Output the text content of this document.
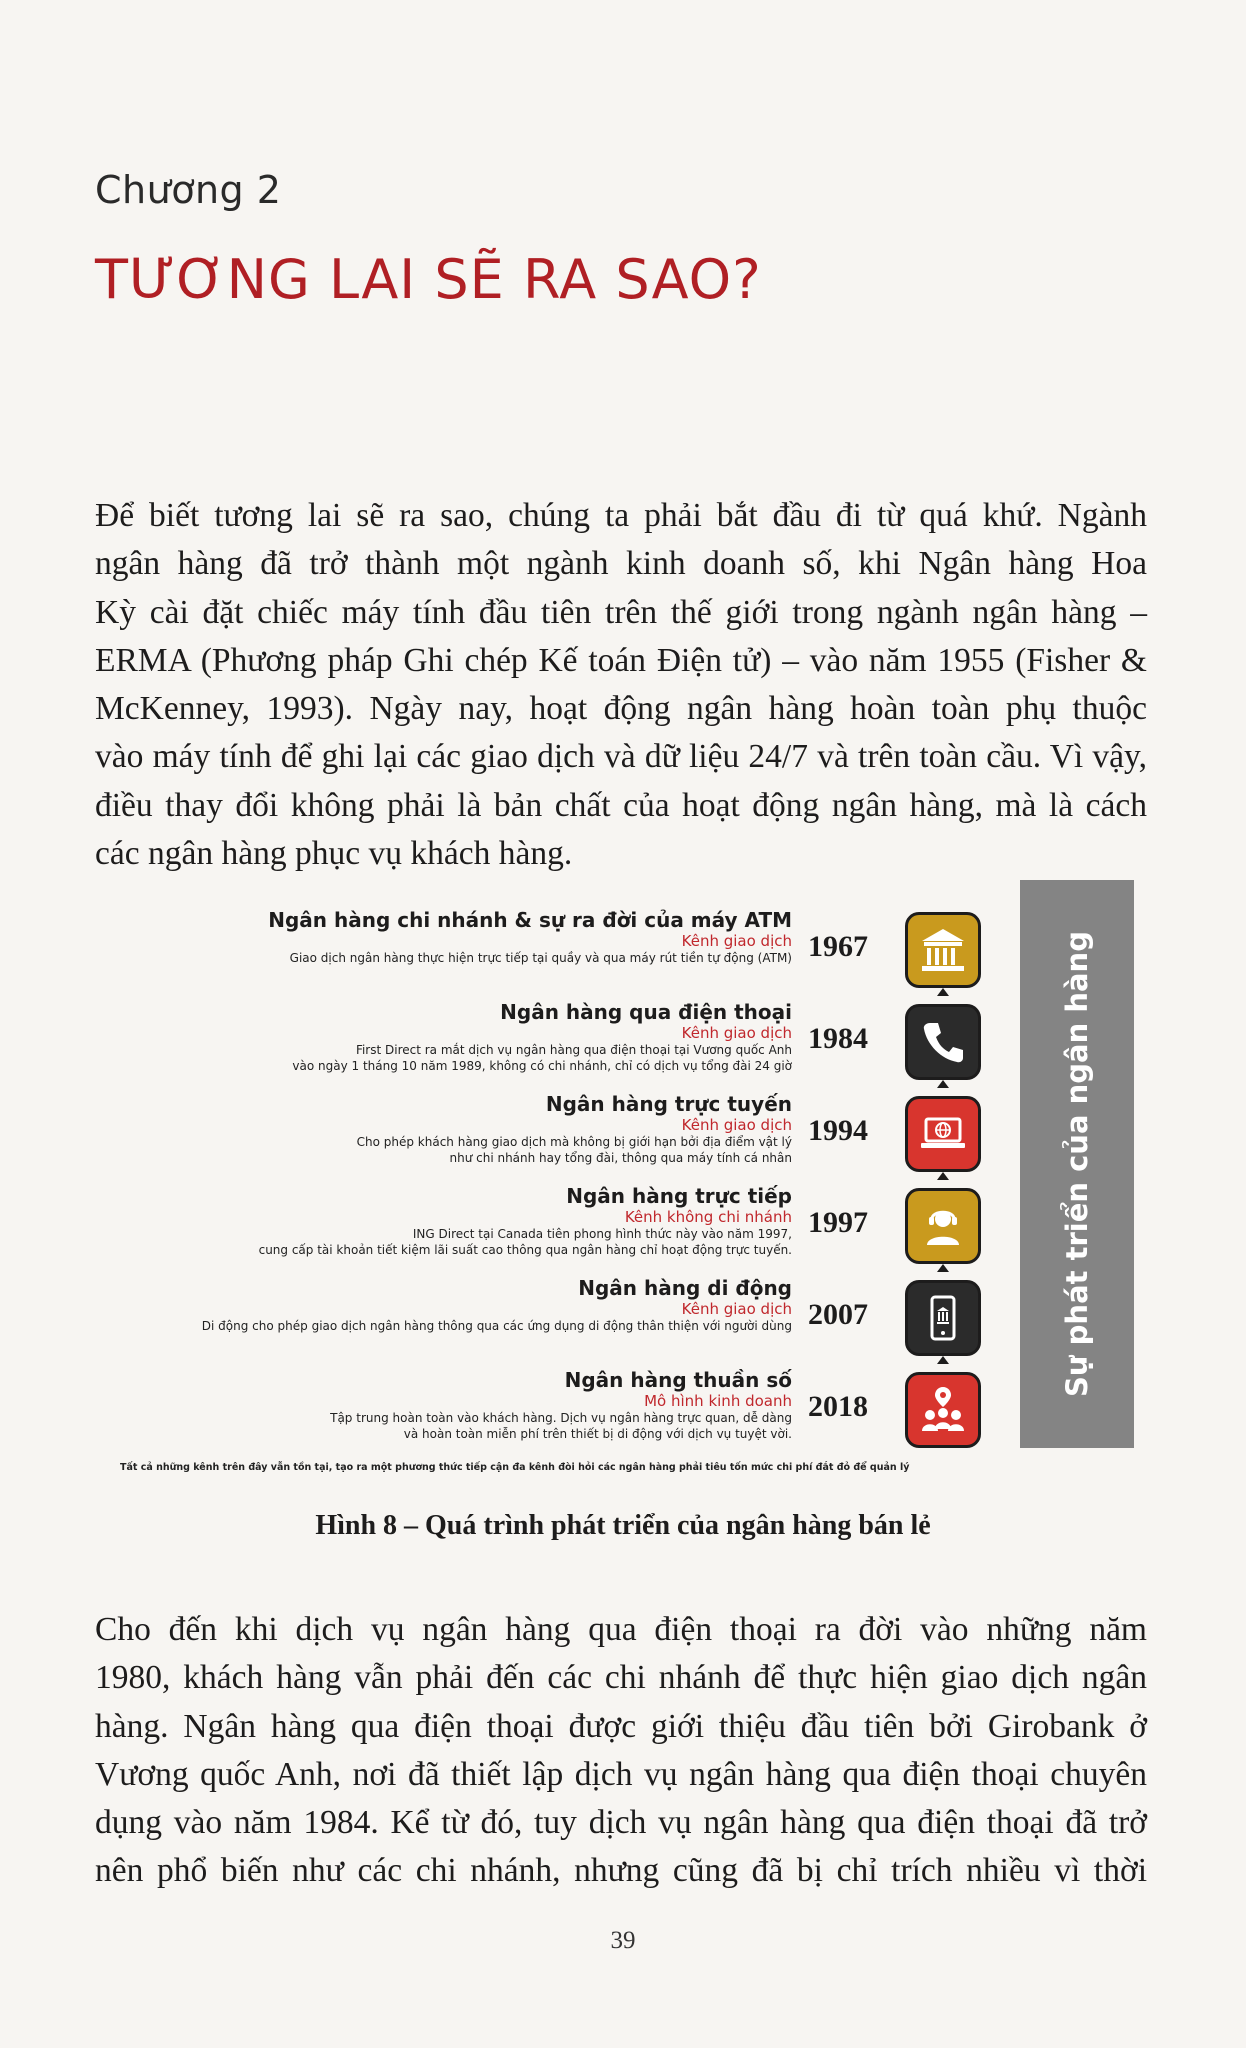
Chương 2
TƯƠNG LAI SẼ RA SAO?

Để biết tương lai sẽ ra sao, chúng ta phải bắt đầu đi từ quá khứ. Ngành
ngân hàng đã trở thành một ngành kinh doanh số, khi Ngân hàng Hoa
Kỳ cài đặt chiếc máy tính đầu tiên trên thế giới trong ngành ngân hàng –
ERMA (Phương pháp Ghi chép Kế toán Điện tử) – vào năm 1955 (Fisher &
McKenney, 1993). Ngày nay, hoạt động ngân hàng hoàn toàn phụ thuộc
vào máy tính để ghi lại các giao dịch và dữ liệu 24/7 và trên toàn cầu. Vì vậy,
điều thay đổi không phải là bản chất của hoạt động ngân hàng, mà là cách
các ngân hàng phục vụ khách hàng.

Ngân hàng chi nhánh & sự ra đời của máy ATM
Kênh giao dịch
Giao dịch ngân hàng thực hiện trực tiếp tại quầy và qua máy rút tiền tự động (ATM) 1967
Ngân hàng qua điện thoại
Kênh giao dịch
First Direct ra mắt dịch vụ ngân hàng qua điện thoại tại Vương quốc Anh
vào ngày 1 tháng 10 năm 1989, không có chi nhánh, chỉ có dịch vụ tổng đài 24 giờ
1984
Ngân hàng trực tuyến
Kênh giao dịch
Cho phép khách hàng giao dịch mà không bị giới hạn bởi địa điểm vật lý
như chi nhánh hay tổng đài, thông qua máy tính cá nhân
1994
Ngân hàng trực tiếp
Kênh không chi nhánh
ING Direct tại Canada tiên phong hình thức này vào năm 1997,
cung cấp tài khoản tiết kiệm lãi suất cao thông qua ngân hàng chỉ hoạt động trực tuyến.
1997
Ngân hàng di động
Kênh giao dịch
Di động cho phép giao dịch ngân hàng thông qua các ứng dụng di động thân thiện với người dùng 2007
Ngân hàng thuần số
Mô hình kinh doanh
Tập trung hoàn toàn vào khách hàng. Dịch vụ ngân hàng trực quan, dễ dàng
và hoàn toàn miễn phí trên thiết bị di động với dịch vụ tuyệt vời.
2018
Sự phát triển của ngân hàng
Tất cả những kênh trên đây vẫn tồn tại, tạo ra một phương thức tiếp cận đa kênh đòi hỏi các ngân hàng phải tiêu tốn mức chi phí đắt đỏ để quản lý

Hình 8 – Quá trình phát triển của ngân hàng bán lẻ

Cho đến khi dịch vụ ngân hàng qua điện thoại ra đời vào những năm
1980, khách hàng vẫn phải đến các chi nhánh để thực hiện giao dịch ngân
hàng. Ngân hàng qua điện thoại được giới thiệu đầu tiên bởi Girobank ở
Vương quốc Anh, nơi đã thiết lập dịch vụ ngân hàng qua điện thoại chuyên
dụng vào năm 1984. Kể từ đó, tuy dịch vụ ngân hàng qua điện thoại đã trở
nên phổ biến như các chi nhánh, nhưng cũng đã bị chỉ trích nhiều vì thời

39
